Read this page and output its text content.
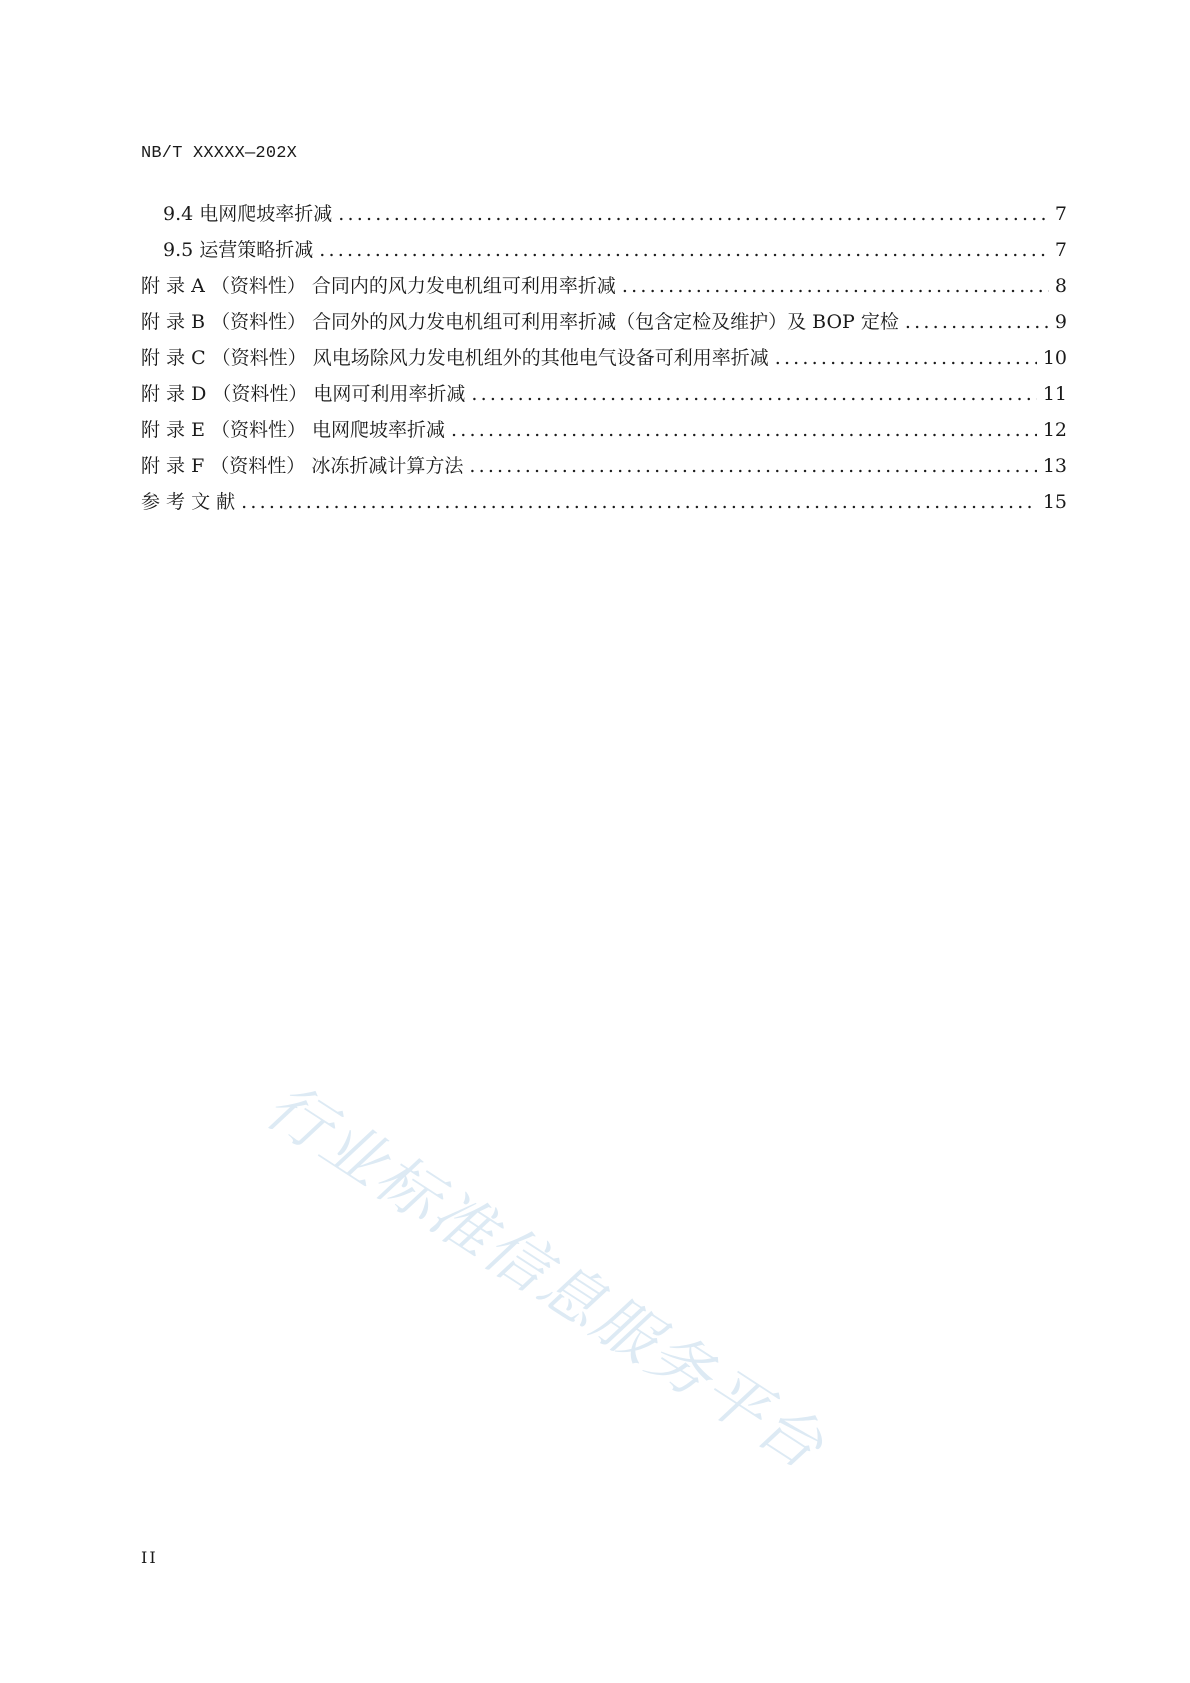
NB/T XXXXX—202X
9.4 电网爬坡率折减 .....	7
9.5 运营策略折减 .....	7
附 录 A （资料性） 合同内的风力发电机组可利用率折减 .....	8
附 录 B （资料性） 合同外的风力发电机组可利用率折减（包含定检及维护）及 BOP 定检 .....	9
附 录 C （资料性） 风电场除风力发电机组外的其他电气设备可利用率折减 .....	10
附 录 D （资料性） 电网可利用率折减 .....	11
附 录 E （资料性） 电网爬坡率折减 .....	12
附 录 F （资料性） 冰冻折减计算方法 .....	13
参 考 文 献 .....	15
行业标准信息服务平台
II
